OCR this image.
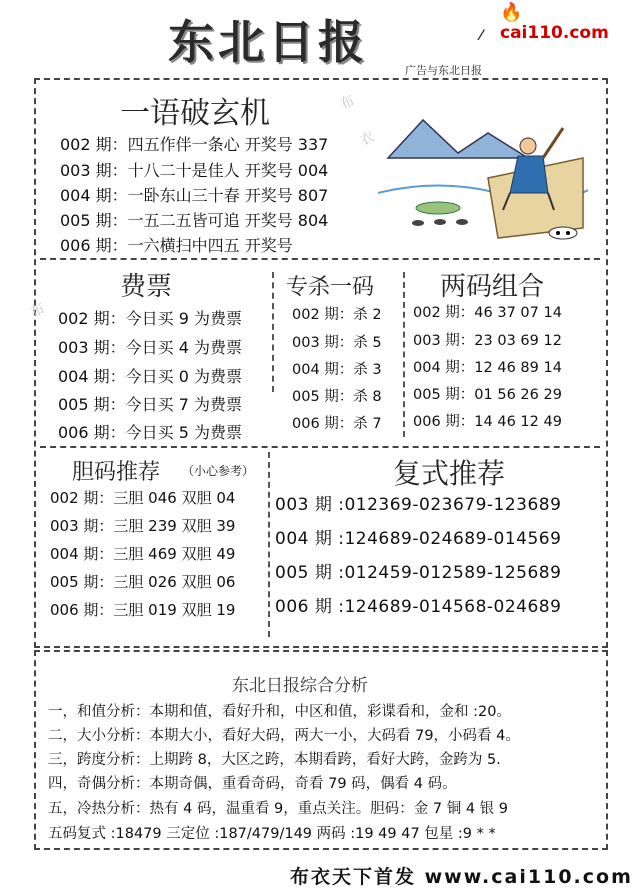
东北日报	⁄
🔥 cai110.com
广告与东北日报
布
衣
布
一语破玄机
002 期：四五作伴一条心 开奖号 337
003 期：十八二十是佳人 开奖号 004
004 期：一卧东山三十春 开奖号 807
005 期：一五二五皆可追 开奖号 804
006 期：一六横扫中四五 开奖号
费票
002 期：今日买 9 为费票
003 期：今日买 4 为费票
004 期：今日买 0 为费票
005 期：今日买 7 为费票
006 期：今日买 5 为费票
专杀一码
002 期：杀 2
003 期：杀 5
004 期：杀 3
005 期：杀 8
006 期：杀 7
两码组合
002 期：46 37 07 14
003 期：23 03 69 12
004 期：12 46 89 14
005 期：01 56 26 29
006 期：14 46 12 49
胆码推荐 （小心参考）
002 期：三胆 046 双胆 04
003 期：三胆 239 双胆 39
004 期：三胆 469 双胆 49
005 期：三胆 026 双胆 06
006 期：三胆 019 双胆 19
复式推荐
003 期 :012369-023679-123689
004 期 :124689-024689-014569
005 期 :012459-012589-125689
006 期 :124689-014568-024689
东北日报综合分析
一，和值分析：本期和值，看好升和，中区和值，彩谍看和，金和 :20。
二，大小分析：本期大小，看好大码，两大一小，大码看 79，小码看 4。
三，跨度分析：上期跨 8，大区之跨，本期看跨，看好大跨，金跨为 5.
四，奇偶分析：本期奇偶，重看奇码，奇看 79 码，偶看 4 码。
五，冷热分析：热有 4 码，温重看 9，重点关注。胆码：金 7 铜 4 银 9
五码复式 :18479 三定位 :187/479/149 两码 :19 49 47 包星 :9 * *
布衣天下首发 www.cai110.com
